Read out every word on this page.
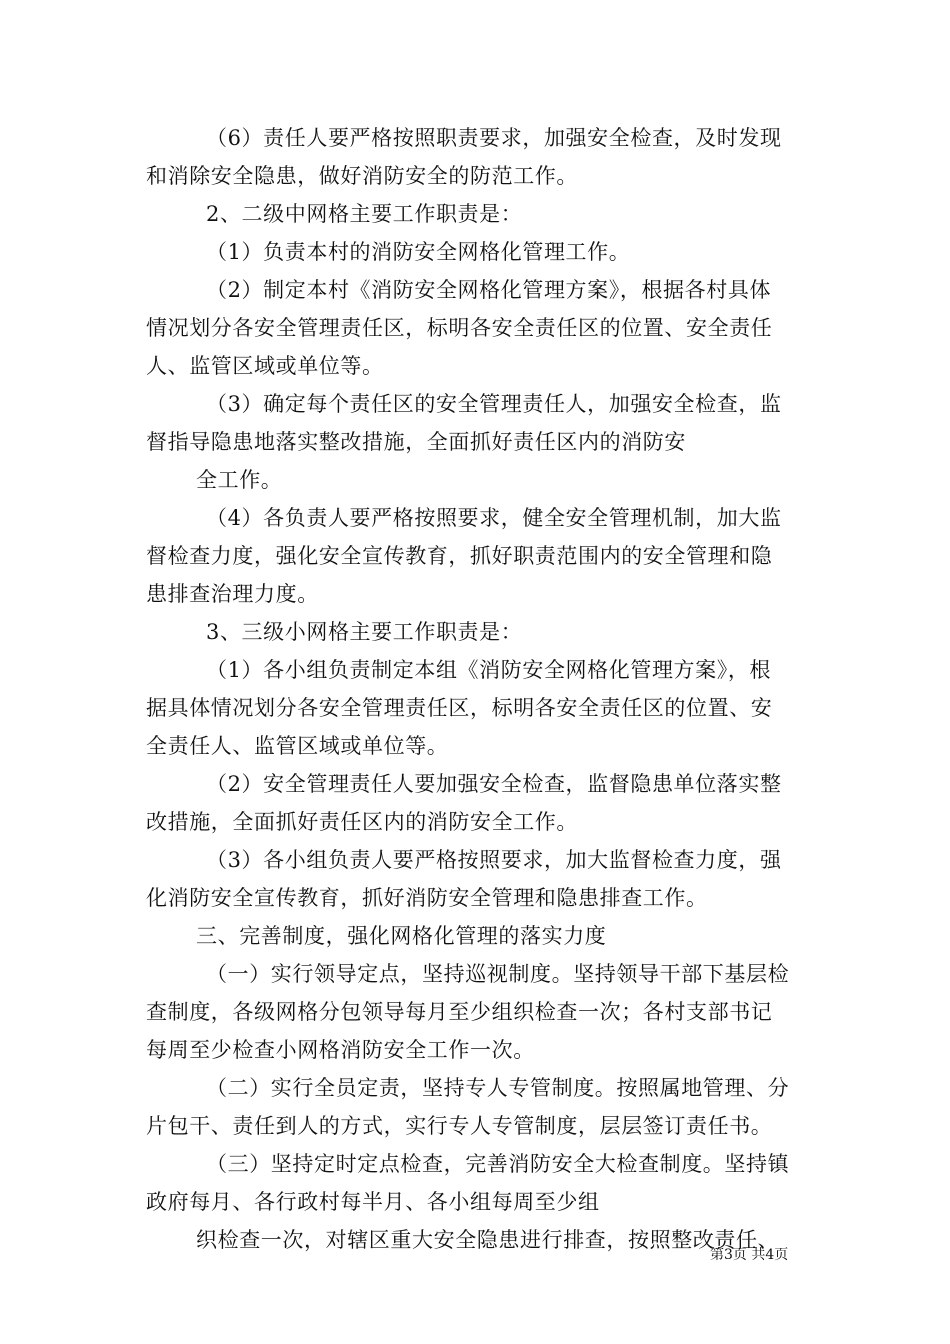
（6）责任人要严格按照职责要求，加强安全检查，及时发现
和消除安全隐患，做好消防安全的防范工作。
2、二级中网格主要工作职责是：
（1）负责本村的消防安全网格化管理工作。
（2）制定本村《消防安全网格化管理方案》，根据各村具体
情况划分各安全管理责任区，标明各安全责任区的位置、安全责任
人、监管区域或单位等。
（3）确定每个责任区的安全管理责任人，加强安全检查，监
督指导隐患地落实整改措施，全面抓好责任区内的消防安
全工作。
（4）各负责人要严格按照要求，健全安全管理机制，加大监
督检查力度，强化安全宣传教育，抓好职责范围内的安全管理和隐
患排查治理力度。
3、三级小网格主要工作职责是：
（1）各小组负责制定本组《消防安全网格化管理方案》，根
据具体情况划分各安全管理责任区，标明各安全责任区的位置、安
全责任人、监管区域或单位等。
（2）安全管理责任人要加强安全检查，监督隐患单位落实整
改措施，全面抓好责任区内的消防安全工作。
（3）各小组负责人要严格按照要求，加大监督检查力度，强
化消防安全宣传教育，抓好消防安全管理和隐患排查工作。
三、完善制度，强化网格化管理的落实力度
（一）实行领导定点，坚持巡视制度。坚持领导干部下基层检
查制度，各级网格分包领导每月至少组织检查一次；各村支部书记
每周至少检查小网格消防安全工作一次。
（二）实行全员定责，坚持专人专管制度。按照属地管理、分
片包干、责任到人的方式，实行专人专管制度，层层签订责任书。
（三）坚持定时定点检查，完善消防安全大检查制度。坚持镇
政府每月、各行政村每半月、各小组每周至少组
织检查一次，对辖区重大安全隐患进行排查，按照整改责任、
第3页 共4页
